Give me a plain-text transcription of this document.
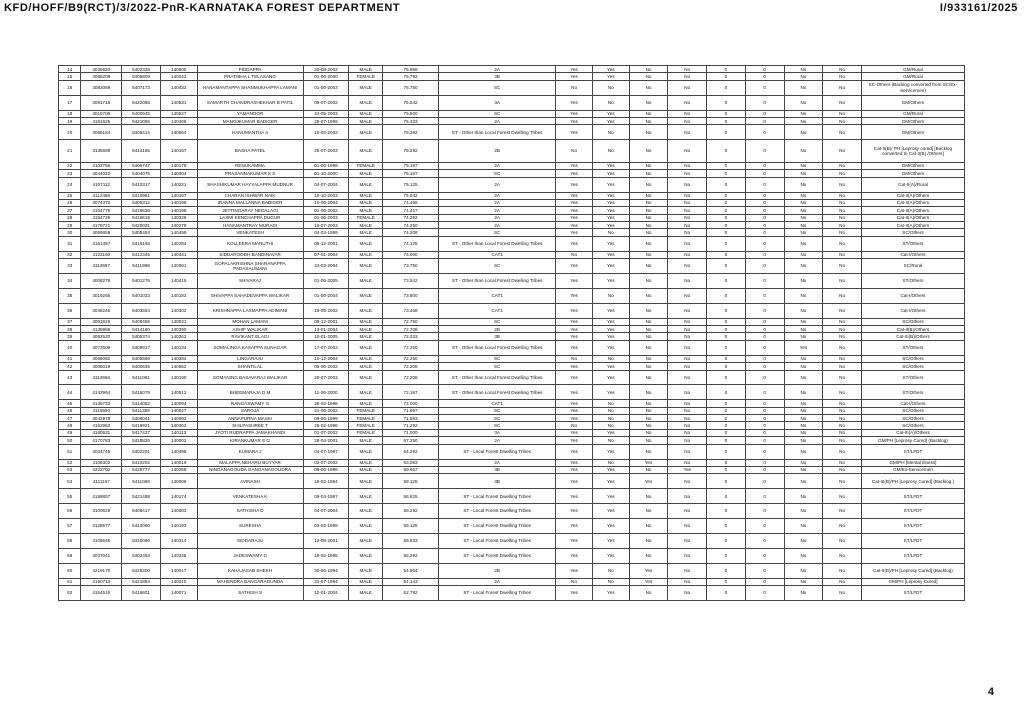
KFD/HOFF/B9(RCT)/3/2022-PnR-KARNATAKA FOREST DEPARTMENT	I/933161/2025
14	4035620	5402325	140500	PIDDAPPA	20-08-2002	MALE	75.958	2A	Yes	Yes	No	No	0	0	No	No	GM/Rural
15	4068208	5405609	140043	PRATIBHA L TELASANG	01-06-2000	FEMALE	75.792	3B	Yes	Yes	No	No	0	0	No	No	GM/Rural
16	4082089	5407173	140433	HANAMANTAPPA SHANMUKHAPPA LAMANI	01-06-2003	MALE	75.750	SC	No	No	No	No	0	0	No	No	SC-Others (Backlog converted from SC/Ex-Servicemen)
17	4091718	5422055	140531	SAMARTH CHANDRASHEKHAR B PATIL	09-07-2002	MALE	75.542	3A	Yes	No	No	No	0	0	No	No	GM/Others
18	4015708	5400945	140527	YAMANOOR	24-05-2003	MALE	75.500	SC	Yes	Yes	No	No	0	0	No	No	GM/Rural
19	4181625	5421055	140468	MANOJKUMAR BADIGER	25-07-1999	MALE	75.333	2A	Yes	Yes	No	No	0	0	No	No	GM/Others
20	4066184	5405414	140564	HANUMANTHA A	10-03-2002	MALE	75.292	ST - Other than Local Forest Dwelling Tribes	Yes	No	No	No	0	0	No	No	GM/Others
21	4135589	5414165	140157	BASHA PATEL	25-07-2003	MALE	75.292	2B	No	No	No	No	0	0	No	No	Cat-II(B)/ PH [Leprosy cured] [Backlog converted to Cat-II(B) /Others]
22	4102756	5409747	140176	RENUKAMMA	01-06-1999	FEMALE	75.167	2A	Yes	Yes	No	No	0	0	No	No	GM/Others
23	4044022	5404075	140304	PRASANNAKUMAR S S	01-10-2000	MALE	75.167	SC	Yes	Yes	No	No	0	0	No	No	GM/Others
24	4107112	5410317	140221	SHASHIKUMAR HAYYALAPPA MUDNUR	04-07-2004	MALE	75.125	2A	Yes	Yes	No	No	0	0	No	No	Cat-II(A)/Rural
25	4112486	5410981	140167	CHARAN ISHWAR NAIK	10-10-2003	MALE	75.042	2A	Yes	Yes	No	No	0	0	No	No	Cat-II(A)/Others
26	4074372	5406312	140199	IRANNA MALLANNA BADIGER	10-06-2004	MALE	74.458	2A	Yes	Yes	No	No	0	0	No	No	Cat-II(A)/Others
27	4154779	5416636	140198	JETTINGARAY NEDALAGI	01-06-2002	MALE	74.417	2A	Yes	Yes	No	No	0	0	No	No	Cat-II(A)/Others
28	4154725	5416619	140329	LAXMI KENCHAPPA DUGUR	01-06-2003	FEMALE	74.292	2A	Yes	Yes	No	No	0	0	No	No	Cat-II(A)/Others
29	4178721	5420031	140279	HANAMANTRAY MURADI	10-07-2003	MALE	74.250	2A	Yes	Yes	No	No	0	0	No	No	Cat-II(A)/Others
30	4066658	5405464	140499	VENKATESH	04-03-1999	MALE	74.208	SC	Yes	No	No	No	0	0	No	No	SC/Others
31	4151457	5416193	140284	KOLLEERA MARUTHI	05-12-2001	MALE	74.125	ST - Other than Local Forest Dwelling Tribes	Yes	Yes	No	No	0	0	No	No	ST/Others
32	4123160	5412345	140441	SIDDAROODH BANDINAVAR	07-01-2004	MALE	74.000	CAT1	No	Yes	No	No	0	0	No	No	Cat-I/Others
33	4112667	5411998	140081	GOPALAKRISHNA SHARANAPPA PADASALIMANI	24-03-2004	MALE	73.750	SC	Yes	Yes	No	No	0	0	No	No	SC/Rural
34	4008278	5401276	140415	SHIVARAJ	01-06-2005	MALE	73.542	ST - Other than Local Forest Dwelling Tribes	Yes	Yes	No	No	0	0	No	No	ST/Others
35	4019265	5401033	140183	SHIVAPPA SAHADEVAPPA WALIKAR	01-06-2004	MALE	73.500	CAT1	Yes	No	No	No	0	0	No	No	Cat-I/Others
36	4048246	5403554	140302	KRISHNAPPA LAXMAPPA ADIMANI	19-05-2002	MALE	73.458	CAT1	Yes	Yes	No	No	0	0	No	No	Cat-I/Others
37	4091926	5408456	140031	MOHAN LAMANI	08-12-2001	MALE	72.750	SC	Yes	Yes	No	No	0	0	No	No	SC/Others
38	4135986	5414180	140390	ASHIF WALIKAR	13-01-2004	MALE	72.708	2B	Yes	Yes	No	No	0	0	No	No	Cat-II(B)/Others
39	4062520	5405374	140262	RAVIKANT ELAGI	10-01-2005	MALE	72.333	3B	Yes	Yes	No	No	0	0	No	No	Cat-III(B)/Others
40	4073509	5409917	140134	SOMALINGA KASAPPA SUNAGAR	17-07-2002	MALE	72.250	ST - Other than Local Forest Dwelling Tribes	Yes	Yes	No	No	0	0	Yes	No	ST/Others
41	4068082	5405596	140384	LINGARAJU	10-12-2004	MALE	72.250	SC	No	No	No	No	0	0	No	No	SC/Others
42	4006019	5400635	140552	SHANTILAL	05-06-2002	MALE	72.208	SC	Yes	Yes	No	No	0	0	No	No	SC/Others
43	4112656	5411081	140190	SOMANING BASAVARAJ WALIKAR	20-07-2003	MALE	72.208	ST - Other than Local Forest Dwelling Tribes	Yes	Yes	No	No	0	0	No	No	ST/Others
44	4142964	5415079	140512	BHEEMARAJA D M	11-06-2000	MALE	72.167	ST - Other than Local Forest Dwelling Tribes	Yes	Yes	No	No	0	0	No	No	ST/Others
45	4135732	5414052	140094	RANGASWAMY G	28-03-1998	MALE	72.000	CAT1	Yes	No	No	No	0	0	No	No	Cat-I/Others
46	4115550	5411388	140027	SAROJA	21-06-2002	FEMALE	71.667	SC	Yes	No	No	No	0	0	No	No	SC/Others
47	4042978	5406041	140092	ANNAPURNA MASKI	09-06-1999	FEMALE	71.583	SC	Yes	No	No	No	0	0	No	No	SC/Others
48	4152962	5416921	140363	SHILPASHREE T	26-02-1996	FEMALE	71.292	SC	No	No	No	No	0	0	No	No	SC/Others
49	4160531	5417437	140113	JYOTI RUDRAPPA JAMAKHANDI	01-07-2002	FEMALE	71.000	3A	Yes	Yes	No	No	0	0	No	No	Cat-III(A)/Others
50	4170783	5418826	140002	KIRANKUMAR S G	26-04-2001	MALE	67.250	2A	Yes	No	No	No	0	0	No	No	GM/PH [Leprosy Cured] (Backlog)
51	4034746	5402201	140498	KUMARA J	04-07-1997	MALE	64.292	ST - Local Forest Dwelling Tribes	Yes	Yes	No	No	0	0	No	No	ST/LFDT
52	4106302	5410202	140019	MALAPPA NEHARU BUYYAR	02-07-2002	MALE	63.083	2A	Yes	No	Yes	No	0	0	No	No	GM/PH [Mental Illness]
53	4222702	5426777	140259	NINGANAGOUDA GANGANAGOUDRA	06-06-1986	MALE	59.667	3B	Yes	Yes	No	Yes	0	0	No	No	GM/Ex-Servicemen
54	4111167	5411069	140006	AVINASH	16-02-1994	MALE	58.125	3B	Yes	Yes	Yes	No	0	0	No	No	Cat-III(B)/PH [Leprosy Cured] (Backlog )
55	4188857	5421498	140174	VENKATESHA K	09-04-1997	MALE	56.625	ST - Local Forest Dwelling Tribes	Yes	Yes	No	No	0	0	No	No	ST/LFDT
56	4100629	5409417	140083	SATHISHA D	04-07-2004	MALE	56.292	ST - Local Forest Dwelling Tribes	Yes	Yes	No	No	0	0	No	No	ST/LFDT
57	4128577	5413060	140193	SURESHA	03-02-1998	MALE	56.125	ST - Local Forest Dwelling Tribes	Yes	Yes	No	No	0	0	No	No	ST/LFDT
58	4105648	5410066	140314	SIDDARAJU	12-08-2001	MALE	55.833	ST - Local Forest Dwelling Tribes	Yes	Yes	No	No	0	0	No	No	ST/LFDT
59	4037041	5402463	140345	JADESWAMY D	18-02-1995	MALE	55.292	ST - Local Forest Dwelling Tribes	Yes	Yes	No	No	0	0	No	No	ST/LFDT
60	4219170	5426300	140017	KAHAJASAB SHEKH	30-06-1994	MALE	54.964	2B	Yes	No	Yes	No	0	0	No	No	Cat-II(B)/PH [Leprosy Cured] (Backlog)
61	4190713	5421884	140010	MAHENDRA BANGARAGUNDA	31-07-1994	MALE	54.143	2A	No	No	Yes	No	0	0	No	No	GM/PH [Leprosy Cured]
62	4154510	5416601	140071	SATHISH S	12-01-2004	MALE	52.792	ST - Local Forest Dwelling Tribes	Yes	Yes	No	No	0	0	No	No	ST/LFDT
4
